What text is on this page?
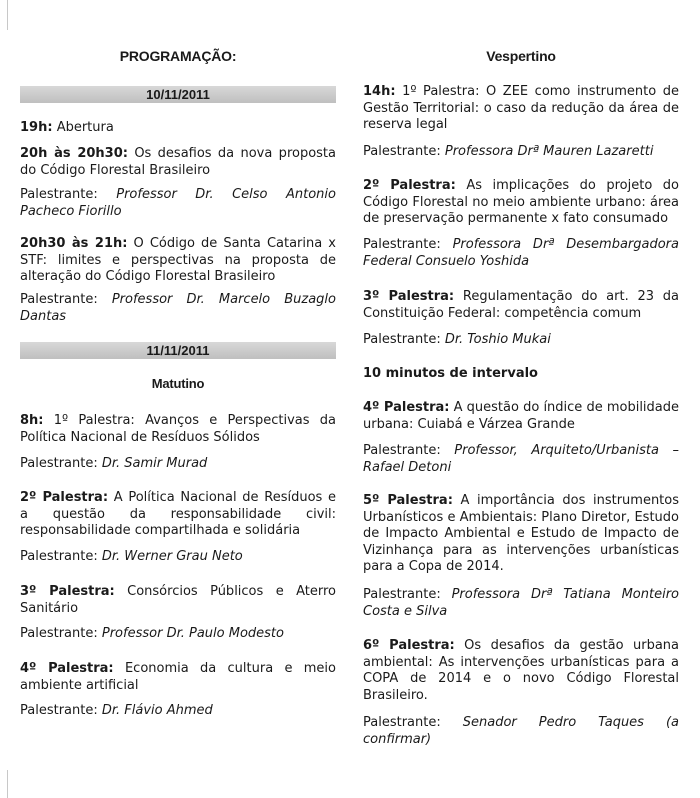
PROGRAMAÇÃO:
10/11/2011
19h: Abertura
20h às 20h30: Os desafios da nova proposta do Código Florestal Brasileiro
Palestrante: Professor Dr. Celso Antonio Pacheco Fiorillo
20h30 às 21h: O Código de Santa Catarina x STF: limites e perspectivas na proposta de alteração do Código Florestal Brasileiro
Palestrante: Professor Dr. Marcelo Buzaglo Dantas
11/11/2011
Matutino
8h: 1º Palestra: Avanços e Perspectivas da Política Nacional de Resíduos Sólidos
Palestrante: Dr. Samir Murad
2º Palestra: A Política Nacional de Resíduos e a questão da responsabilidade civil: responsabilidade compartilhada e solidária
Palestrante: Dr. Werner Grau Neto
3º Palestra: Consórcios Públicos e Aterro Sanitário
Palestrante: Professor Dr. Paulo Modesto
4º Palestra: Economia da cultura e meio ambiente artificial
Palestrante: Dr. Flávio Ahmed
Vespertino
14h: 1º Palestra: O ZEE como instrumento de Gestão Territorial: o caso da redução da área de reserva legal
Palestrante: Professora Drª Mauren Lazaretti
2º Palestra: As implicações do projeto do Código Florestal no meio ambiente urbano: área de preservação permanente x fato consumado
Palestrante: Professora Drª Desembargadora Federal Consuelo Yoshida
3º Palestra: Regulamentação do art. 23 da Constituição Federal: competência comum
Palestrante: Dr. Toshio Mukai
10 minutos de intervalo
4º Palestra: A questão do índice de mobilidade urbana: Cuiabá e Várzea Grande
Palestrante: Professor, Arquiteto/Urbanista – Rafael Detoni
5º Palestra: A importância dos instrumentos Urbanísticos e Ambientais: Plano Diretor, Estudo de Impacto Ambiental e Estudo de Impacto de Vizinhança para as intervenções urbanísticas para a Copa de 2014.
Palestrante: Professora Drª Tatiana Monteiro Costa e Silva
6º Palestra: Os desafios da gestão urbana ambiental: As intervenções urbanísticas para a COPA de 2014 e o novo Código Florestal Brasileiro.
Palestrante: Senador Pedro Taques (a confirmar)
